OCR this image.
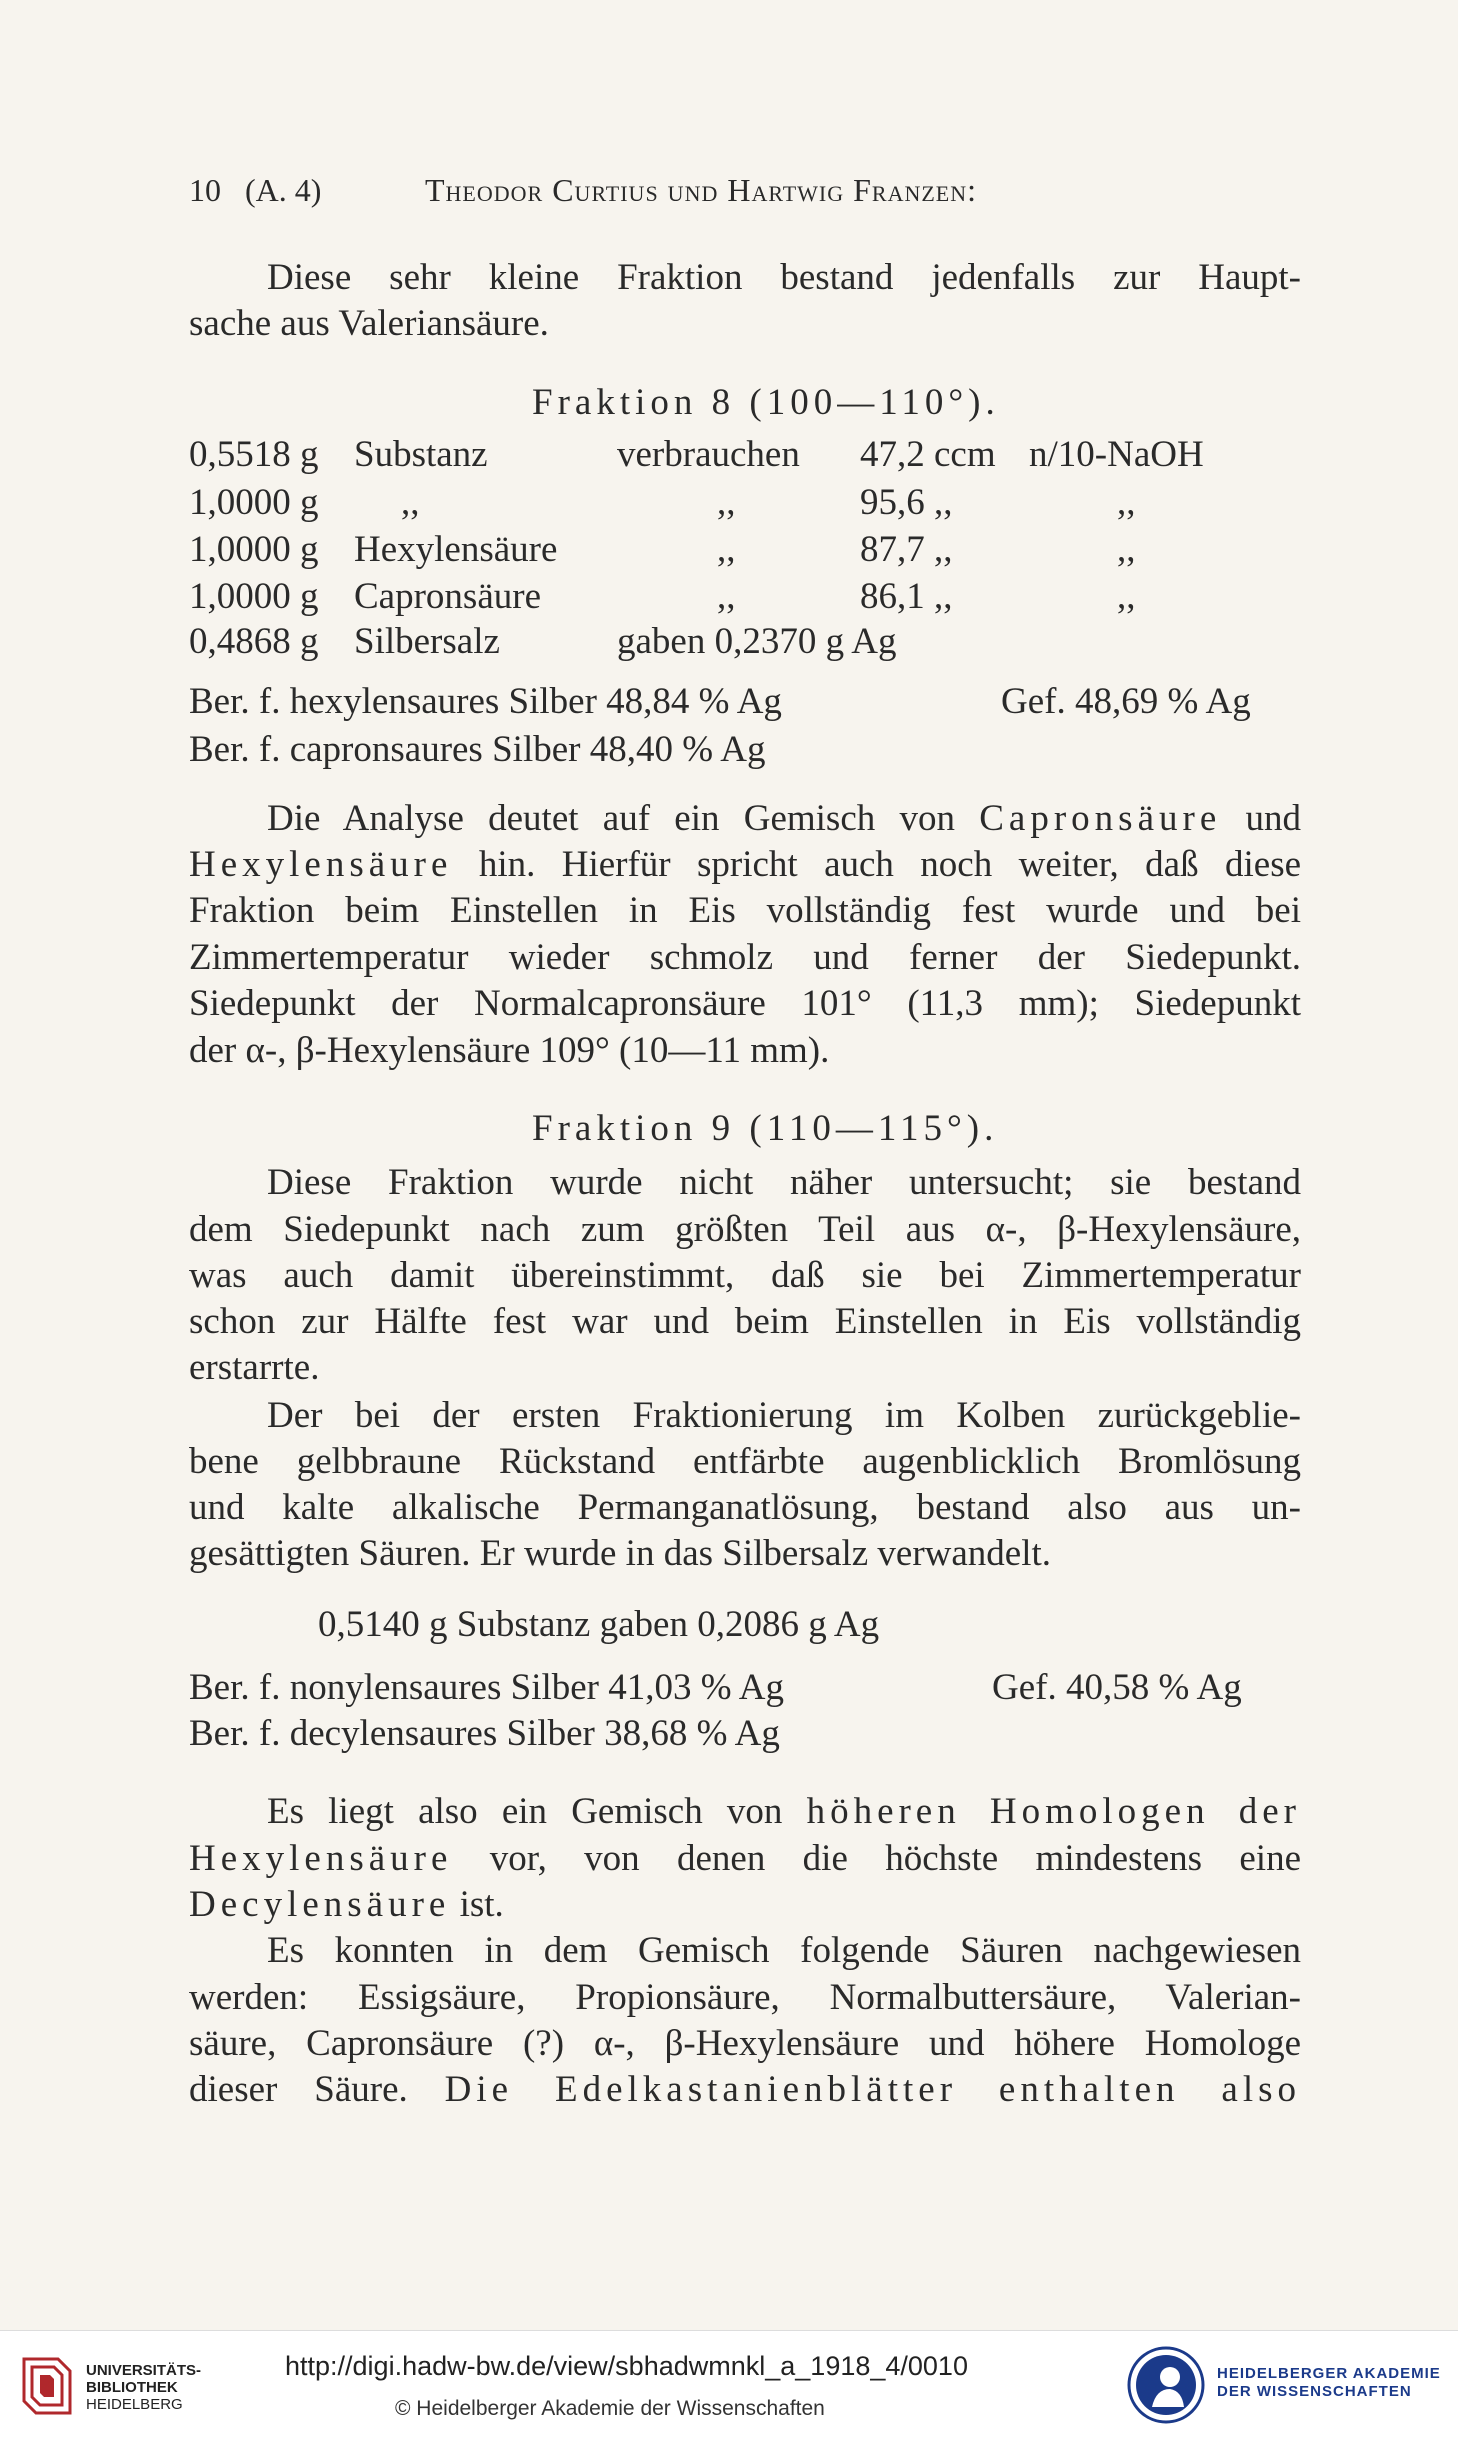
10 (A. 4)	Theodor Curtius und Hartwig Franzen:
Diese sehr kleine Fraktion bestand jedenfalls zur Haupt-
sache aus Valeriansäure.
Fraktion 8 (100—110°).
0,5518 g Substanz	verbrauchen 47,2 ccm n/10-NaOH
1,0000 g ,,	,,	95,6 ,,	,,
1,0000 g Hexylensäure	,,	87,7 ,,	,,
1,0000 g Capronsäure	,,	86,1 ,,	,,
0,4868 g Silbersalz	gaben 0,2370 g Ag
Ber. f. hexylensaures Silber 48,84 % Ag	Gef. 48,69 % Ag
Ber. f. capronsaures Silber 48,40 % Ag
Die Analyse deutet auf ein Gemisch von Capronsäure und
Hexylensäure hin. Hierfür spricht auch noch weiter, daß diese
Fraktion beim Einstellen in Eis vollständig fest wurde und bei
Zimmertemperatur wieder schmolz und ferner der Siedepunkt.
Siedepunkt der Normalcapronsäure 101° (11,3 mm); Siedepunkt
der α-, β-Hexylensäure 109° (10—11 mm).
Fraktion 9 (110—115°).
Diese Fraktion wurde nicht näher untersucht; sie bestand
dem Siedepunkt nach zum größten Teil aus α-, β-Hexylensäure,
was auch damit übereinstimmt, daß sie bei Zimmertemperatur
schon zur Hälfte fest war und beim Einstellen in Eis vollständig
erstarrte.
Der bei der ersten Fraktionierung im Kolben zurückgeblie-
bene gelbbraune Rückstand entfärbte augenblicklich Bromlösung
und kalte alkalische Permanganatlösung, bestand also aus un-
gesättigten Säuren. Er wurde in das Silbersalz verwandelt.
0,5140 g Substanz gaben 0,2086 g Ag
Ber. f. nonylensaures Silber 41,03 % Ag	Gef. 40,58 % Ag
Ber. f. decylensaures Silber 38,68 % Ag
Es liegt also ein Gemisch von höheren Homologen der
Hexylensäure vor, von denen die höchste mindestens eine
Decylensäure ist.
Es konnten in dem Gemisch folgende Säuren nachgewiesen
werden: Essigsäure, Propionsäure, Normalbuttersäure, Valerian-
säure, Capronsäure (?) α-, β-Hexylensäure und höhere Homologe
dieser Säure. Die Edelkastanienblätter enthalten also
UNIVERSITÄTS-
BIBLIOTHEK
HEIDELBERG
http://digi.hadw-bw.de/view/sbhadwmnkl_a_1918_4/0010
© Heidelberger Akademie der Wissenschaften
HEIDELBERGER AKADEMIE
DER WISSENSCHAFTEN
